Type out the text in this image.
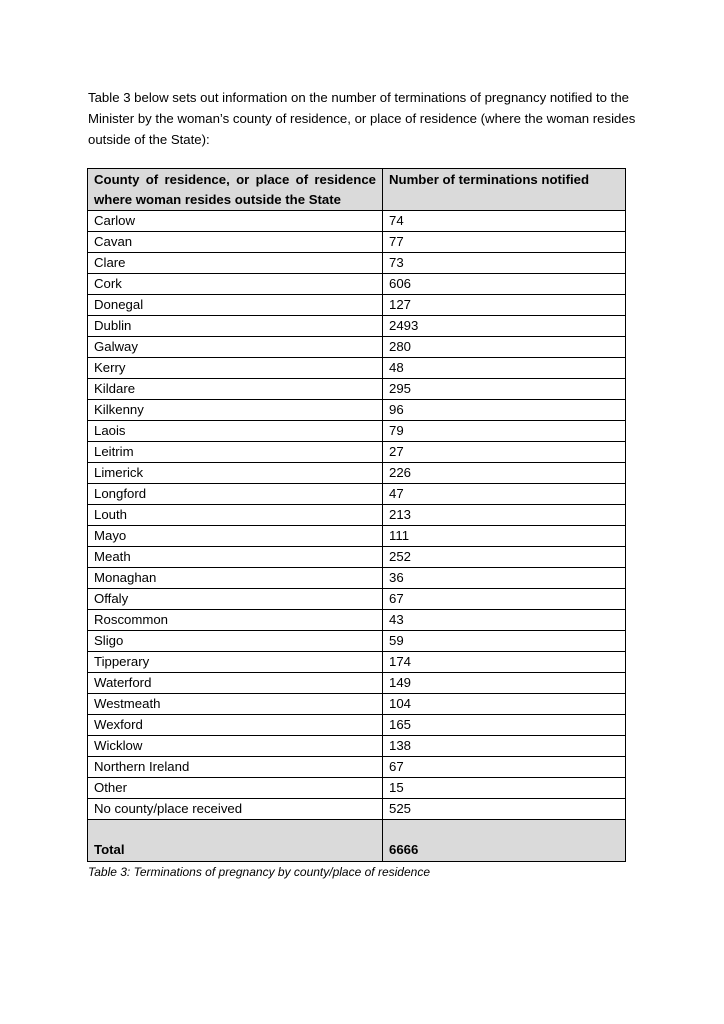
Table 3 below sets out information on the number of terminations of pregnancy notified to the Minister by the woman’s county of residence, or place of residence (where the woman resides outside of the State):

County of residence, or place of residence where woman resides outside the State	Number of terminations notified
Carlow	74
Cavan	77
Clare	73
Cork	606
Donegal	127
Dublin	2493
Galway	280
Kerry	48
Kildare	295
Kilkenny	96
Laois	79
Leitrim	27
Limerick	226
Longford	47
Louth	213
Mayo	111
Meath	252
Monaghan	36
Offaly	67
Roscommon	43
Sligo	59
Tipperary	174
Waterford	149
Westmeath	104
Wexford	165
Wicklow	138
Northern Ireland	67
Other	15
No county/place received	525
Total	6666

Table 3: Terminations of pregnancy by county/place of residence
